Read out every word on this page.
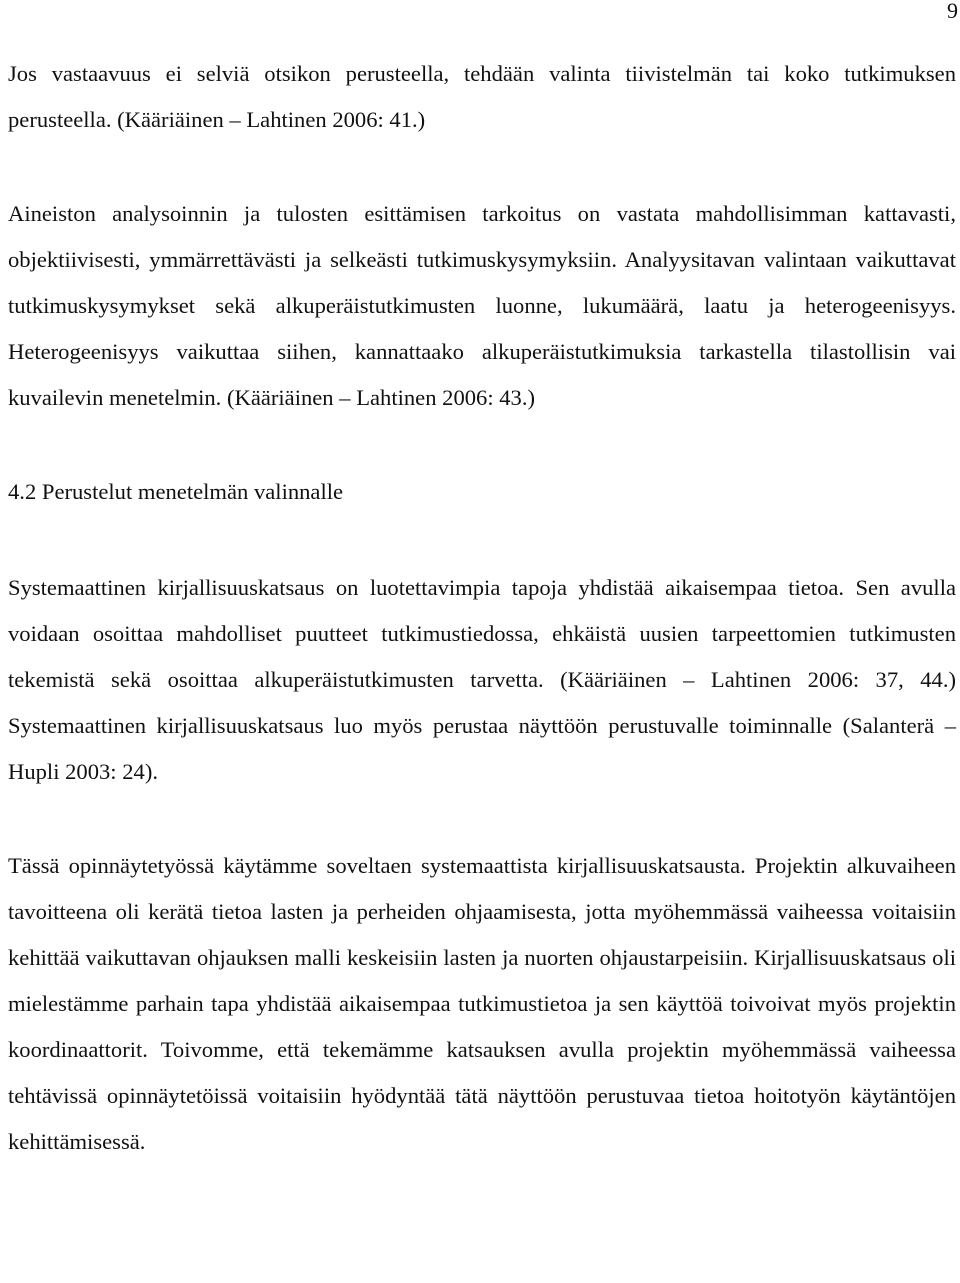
9

Jos vastaavuus ei selviä otsikon perusteella, tehdään valinta tiivistelmän tai koko tutkimuksen perusteella. (Kääriäinen – Lahtinen 2006: 41.)

Aineiston analysoinnin ja tulosten esittämisen tarkoitus on vastata mahdollisimman kattavasti, objektiivisesti, ymmärrettävästi ja selkeästi tutkimuskysymyksiin. Analyysitavan valintaan vaikuttavat tutkimuskysymykset sekä alkuperäistutkimusten luonne, lukumäärä, laatu ja heterogeenisyys. Heterogeenisyys vaikuttaa siihen, kannattaako alkuperäistutkimuksia tarkastella tilastollisin vai kuvailevin menetelmin. (Kääriäinen – Lahtinen 2006: 43.)

4.2 Perustelut menetelmän valinnalle

Systemaattinen kirjallisuuskatsaus on luotettavimpia tapoja yhdistää aikaisempaa tietoa. Sen avulla voidaan osoittaa mahdolliset puutteet tutkimustiedossa, ehkäistä uusien tarpeettomien tutkimusten tekemistä sekä osoittaa alkuperäistutkimusten tarvetta. (Kääriäinen – Lahtinen 2006: 37, 44.) Systemaattinen kirjallisuuskatsaus luo myös perustaa näyttöön perustuvalle toiminnalle (Salanterä – Hupli 2003: 24).

Tässä opinnäytetyössä käytämme soveltaen systemaattista kirjallisuuskatsausta. Projektin alkuvaiheen tavoitteena oli kerätä tietoa lasten ja perheiden ohjaamisesta, jotta myöhemmässä vaiheessa voitaisiin kehittää vaikuttavan ohjauksen malli keskeisiin lasten ja nuorten ohjaustarpeisiin. Kirjallisuuskatsaus oli mielestämme parhain tapa yhdistää aikaisempaa tutkimustietoa ja sen käyttöä toivoivat myös projektin koordinaattorit. Toivomme, että tekemämme katsauksen avulla projektin myöhemmässä vaiheessa tehtävissä opinnäytetöissä voitaisiin hyödyntää tätä näyttöön perustuvaa tietoa hoitotyön käytäntöjen kehittämisessä.
